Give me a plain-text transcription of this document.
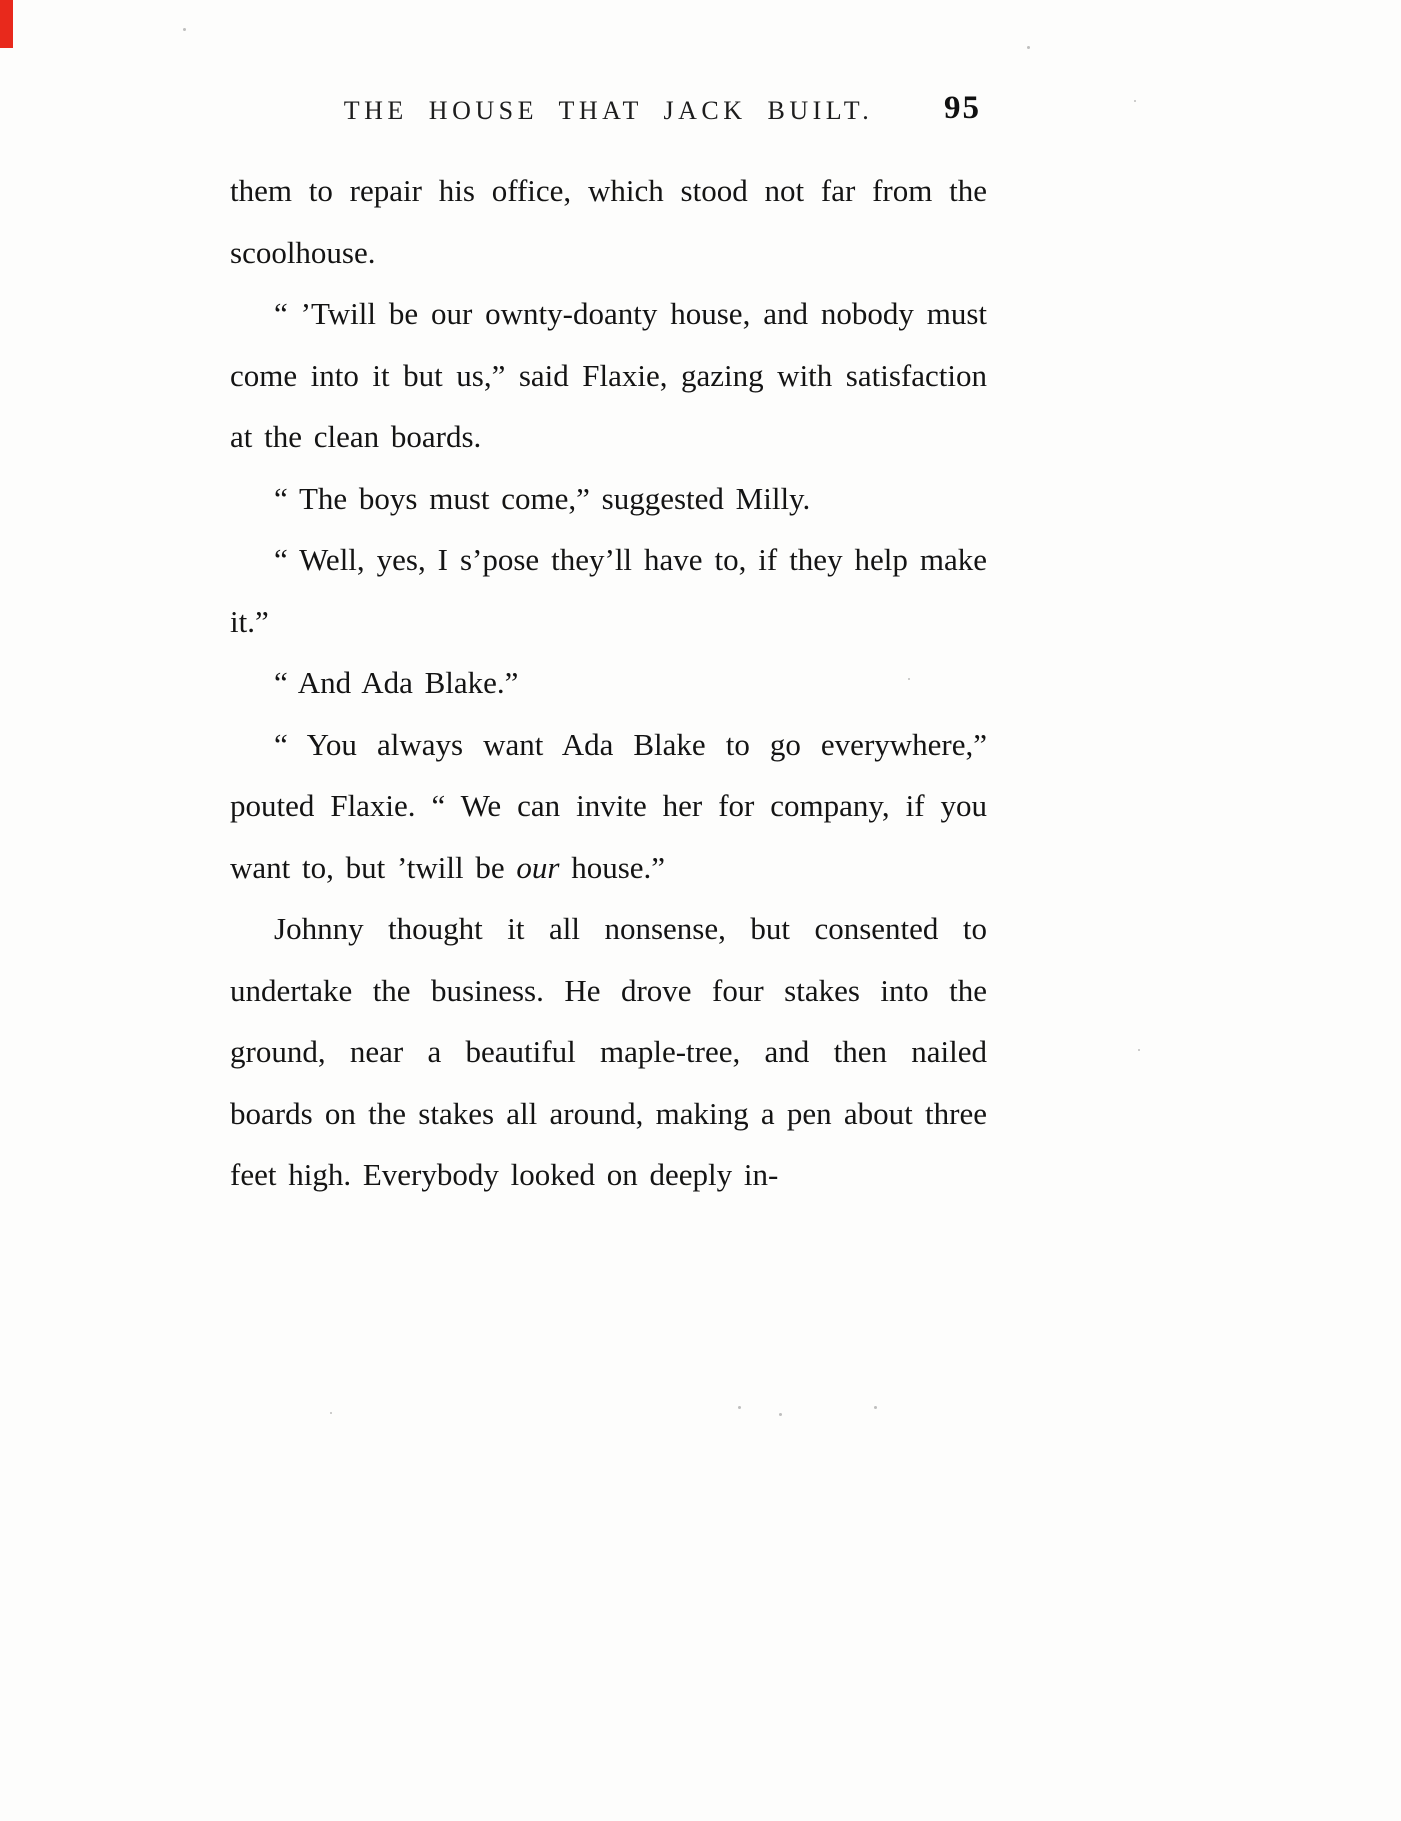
THE HOUSE THAT JACK BUILT. 95

them to repair his office, which stood not far from the scoolhouse.

“ ’Twill be our ownty-doanty house, and nobody must come into it but us,” said Flaxie, gazing with satisfaction at the clean boards.

“ The boys must come,” suggested Milly.

“ Well, yes, I s’pose they’ll have to, if they help make it.”

“ And Ada Blake.”

“ You always want Ada Blake to go everywhere,” pouted Flaxie. “ We can invite her for company, if you want to, but ’twill be our house.”

Johnny thought it all nonsense, but consented to undertake the business. He drove four stakes into the ground, near a beautiful maple-tree, and then nailed boards on the stakes all around, making a pen about three feet high. Everybody looked on deeply in-
